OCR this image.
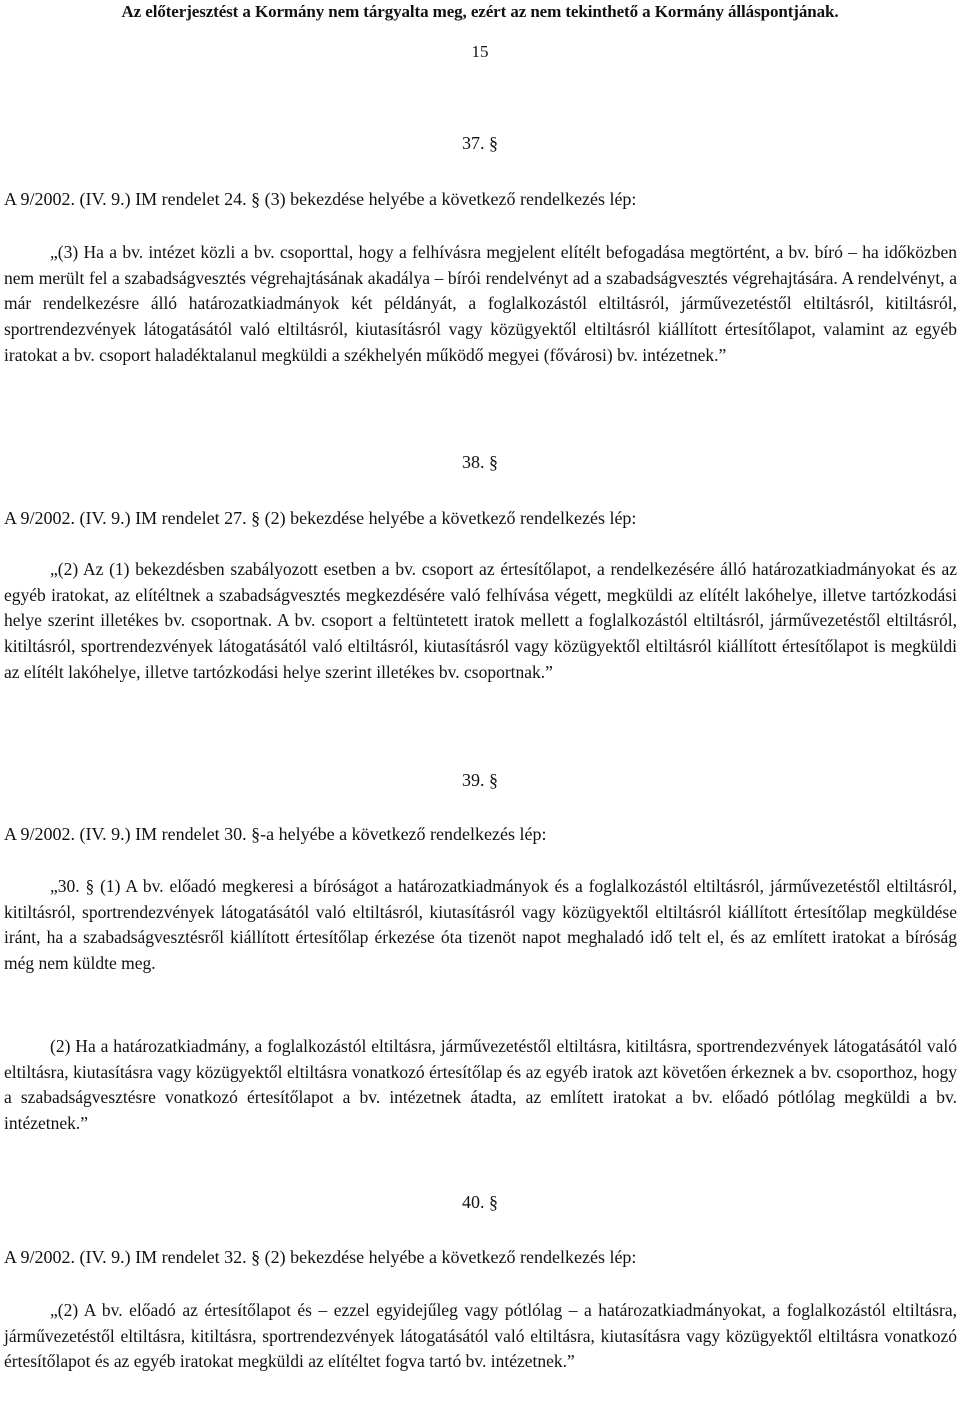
Az előterjesztést a Kormány nem tárgyalta meg, ezért az nem tekinthető a Kormány álláspontjának.
15
37. §
A 9/2002. (IV. 9.) IM rendelet 24. § (3) bekezdése helyébe a következő rendelkezés lép:
„(3) Ha a bv. intézet közli a bv. csoporttal, hogy a felhívásra megjelent elítélt befogadása megtörtént, a bv. bíró – ha időközben nem merült fel a szabadságvesztés végrehajtásának akadálya – bírói rendelvényt ad a szabadságvesztés végrehajtására. A rendelvényt, a már rendelkezésre álló határozatkiadmányok két példányát, a foglalkozástól eltiltásról, járművezetéstől eltiltásról, kitiltásról, sportrendezvények látogatásától való eltiltásról, kiutasításról vagy közügyektől eltiltásról kiállított értesítőlapot, valamint az egyéb iratokat a bv. csoport haladéktalanul megküldi a székhelyén működő megyei (fővárosi) bv. intézetnek.”
38. §
A 9/2002. (IV. 9.) IM rendelet 27. § (2) bekezdése helyébe a következő rendelkezés lép:
„(2) Az (1) bekezdésben szabályozott esetben a bv. csoport az értesítőlapot, a rendelkezésére álló határozatkiadmányokat és az egyéb iratokat, az elítéltnek a szabadságvesztés megkezdésére való felhívása végett, megküldi az elítélt lakóhelye, illetve tartózkodási helye szerint illetékes bv. csoportnak. A bv. csoport a feltüntetett iratok mellett a foglalkozástól eltiltásról, járművezetéstől eltiltásról, kitiltásról, sportrendezvények látogatásától való eltiltásról, kiutasításról vagy közügyektől eltiltásról kiállított értesítőlapot is megküldi az elítélt lakóhelye, illetve tartózkodási helye szerint illetékes bv. csoportnak.”
39. §
A 9/2002. (IV. 9.) IM rendelet 30. §-a helyébe a következő rendelkezés lép:
„30. § (1) A bv. előadó megkeresi a bíróságot a határozatkiadmányok és a foglalkozástól eltiltásról, járművezetéstől eltiltásról, kitiltásról, sportrendezvények látogatásától való eltiltásról, kiutasításról vagy közügyektől eltiltásról kiállított értesítőlap megküldése iránt, ha a szabadságvesztésről kiállított értesítőlap érkezése óta tizenöt napot meghaladó idő telt el, és az említett iratokat a bíróság még nem küldte meg.
(2) Ha a határozatkiadmány, a foglalkozástól eltiltásra, járművezetéstől eltiltásra, kitiltásra, sportrendezvények látogatásától való eltiltásra, kiutasításra vagy közügyektől eltiltásra vonatkozó értesítőlap és az egyéb iratok azt követően érkeznek a bv. csoporthoz, hogy a szabadságvesztésre vonatkozó értesítőlapot a bv. intézetnek átadta, az említett iratokat a bv. előadó pótlólag megküldi a bv. intézetnek.”
40. §
A 9/2002. (IV. 9.) IM rendelet 32. § (2) bekezdése helyébe a következő rendelkezés lép:
„(2) A bv. előadó az értesítőlapot és – ezzel egyidejűleg vagy pótlólag – a határozatkiadmányokat, a foglalkozástól eltiltásra, járművezetéstől eltiltásra, kitiltásra, sportrendezvények látogatásától való eltiltásra, kiutasításra vagy közügyektől eltiltásra vonatkozó értesítőlapot és az egyéb iratokat megküldi az elítéltet fogva tartó bv. intézetnek.”
